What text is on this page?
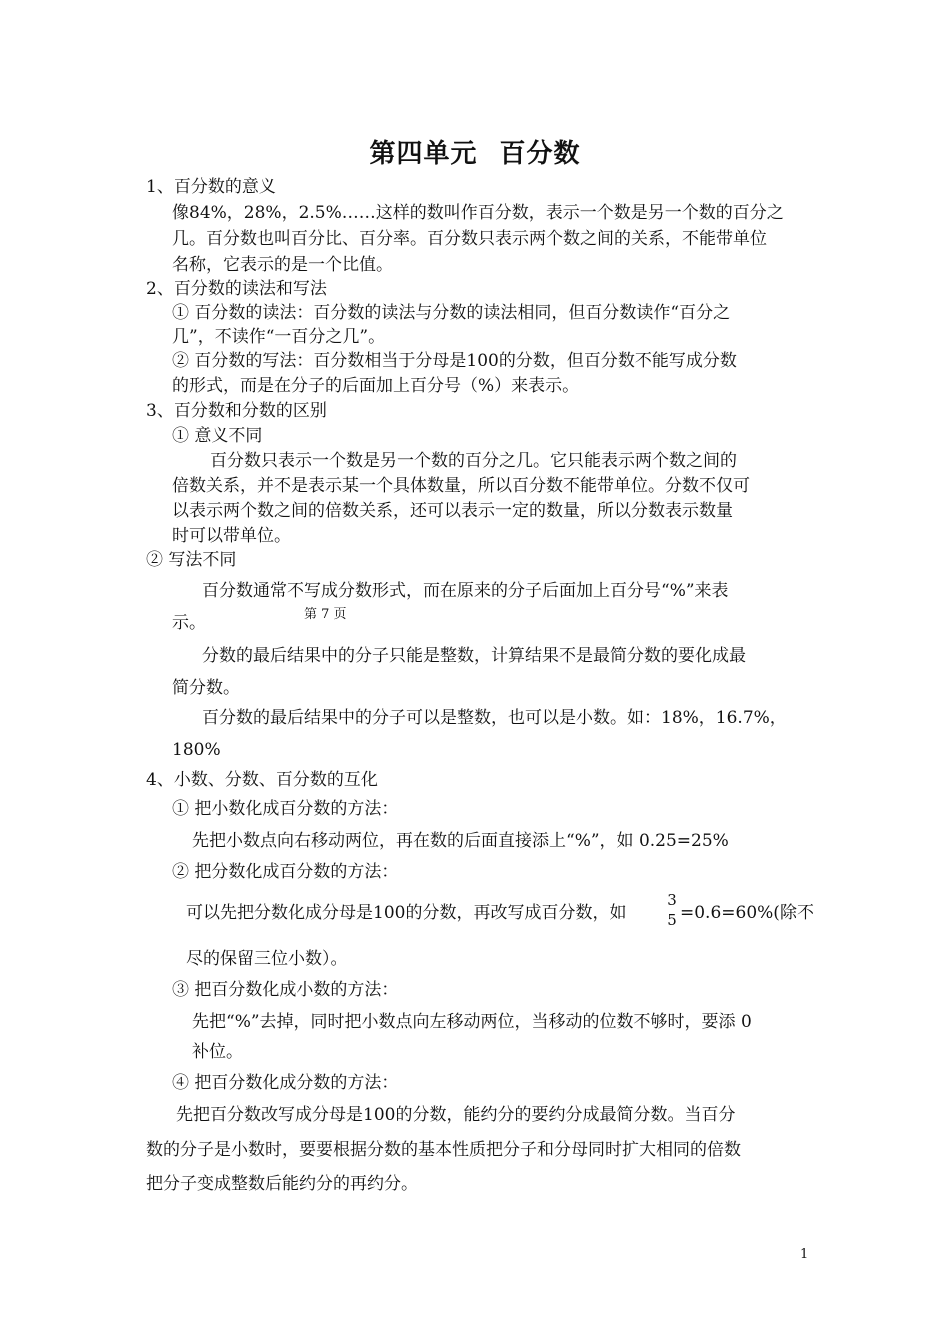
第四单元 百分数
1、百分数的意义
像84%，28%，2.5%……这样的数叫作百分数，表示一个数是另一个数的百分之
几。百分数也叫百分比、百分率。百分数只表示两个数之间的关系，不能带单位
名称，它表示的是一个比值。
2、百分数的读法和写法
① 百分数的读法：百分数的读法与分数的读法相同，但百分数读作“百分之
几”，不读作“一百分之几”。
② 百分数的写法：百分数相当于分母是100的分数，但百分数不能写成分数
的形式，而是在分子的后面加上百分号（%）来表示。
3、百分数和分数的区别
① 意义不同
百分数只表示一个数是另一个数的百分之几。它只能表示两个数之间的
倍数关系，并不是表示某一个具体数量，所以百分数不能带单位。分数不仅可
以表示两个数之间的倍数关系，还可以表示一定的数量，所以分数表示数量
时可以带单位。
② 写法不同
百分数通常不写成分数形式，而在原来的分子后面加上百分号“%”来表
第 7 页
示。
分数的最后结果中的分子只能是整数，计算结果不是最简分数的要化成最
简分数。
百分数的最后结果中的分子可以是整数，也可以是小数。如：18%，16.7%，
180%
4、小数、分数、百分数的互化
① 把小数化成百分数的方法：
先把小数点向右移动两位，再在数的后面直接添上“%”，如 0.25=25%
② 把分数化成百分数的方法：
可以先把分数化成分母是100的分数，再改写成百分数，如
3
5 =0.6=60%(除不
尽的保留三位小数）。
③ 把百分数化成小数的方法：
先把“%”去掉，同时把小数点向左移动两位，当移动的位数不够时，要添 0
补位。
④ 把百分数化成分数的方法：
先把百分数改写成分母是100的分数，能约分的要约分成最简分数。当百分
数的分子是小数时，要要根据分数的基本性质把分子和分母同时扩大相同的倍数
把分子变成整数后能约分的再约分。
1
